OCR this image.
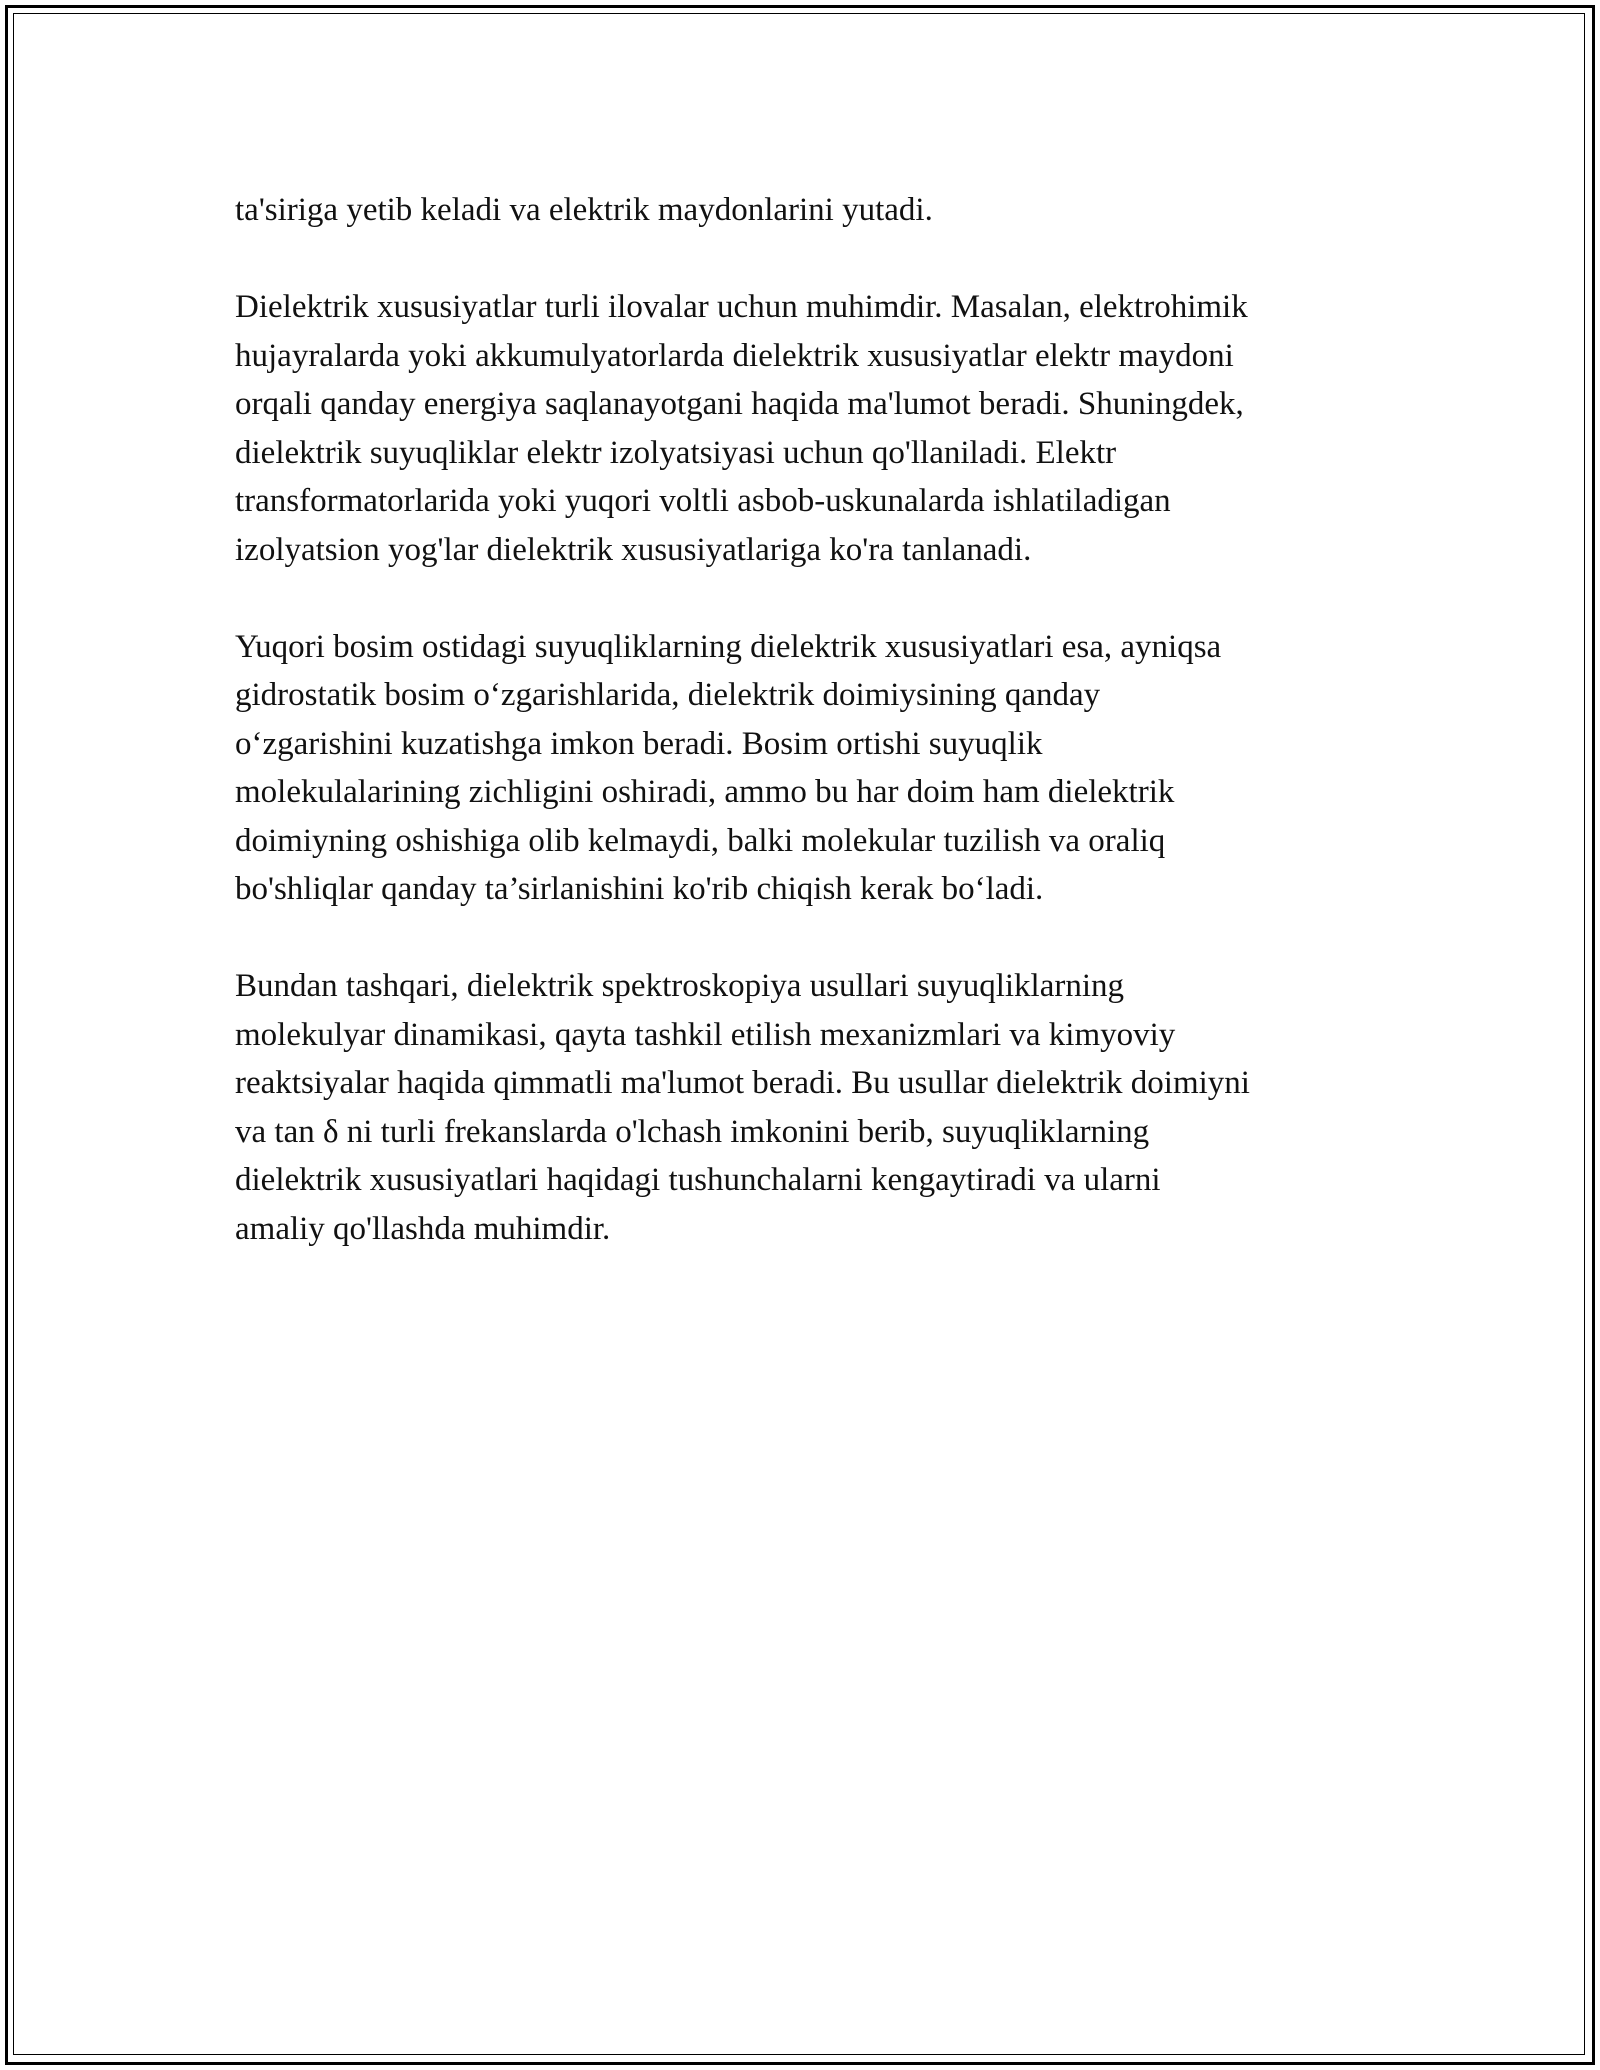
ta'siriga yetib keladi va elektrik maydonlarini yutadi.

Dielektrik xususiyatlar turli ilovalar uchun muhimdir. Masalan, elektrohimik
hujayralarda yoki akkumulyatorlarda dielektrik xususiyatlar elektr maydoni
orqali qanday energiya saqlanayotgani haqida ma'lumot beradi. Shuningdek,
dielektrik suyuqliklar elektr izolyatsiyasi uchun qo'llaniladi. Elektr
transformatorlarida yoki yuqori voltli asbob-uskunalarda ishlatiladigan
izolyatsion yog'lar dielektrik xususiyatlariga ko'ra tanlanadi.

Yuqori bosim ostidagi suyuqliklarning dielektrik xususiyatlari esa, ayniqsa
gidrostatik bosim oʻzgarishlarida, dielektrik doimiysining qanday
oʻzgarishini kuzatishga imkon beradi. Bosim ortishi suyuqlik
molekulalarining zichligini oshiradi, ammo bu har doim ham dielektrik
doimiyning oshishiga olib kelmaydi, balki molekular tuzilish va oraliq
bo'shliqlar qanday ta’sirlanishini ko'rib chiqish kerak boʻladi.

Bundan tashqari, dielektrik spektroskopiya usullari suyuqliklarning
molekulyar dinamikasi, qayta tashkil etilish mexanizmlari va kimyoviy
reaktsiyalar haqida qimmatli ma'lumot beradi. Bu usullar dielektrik doimiyni
va tan δ ni turli frekanslarda o'lchash imkonini berib, suyuqliklarning
dielektrik xususiyatlari haqidagi tushunchalarni kengaytiradi va ularni
amaliy qo'llashda muhimdir.
